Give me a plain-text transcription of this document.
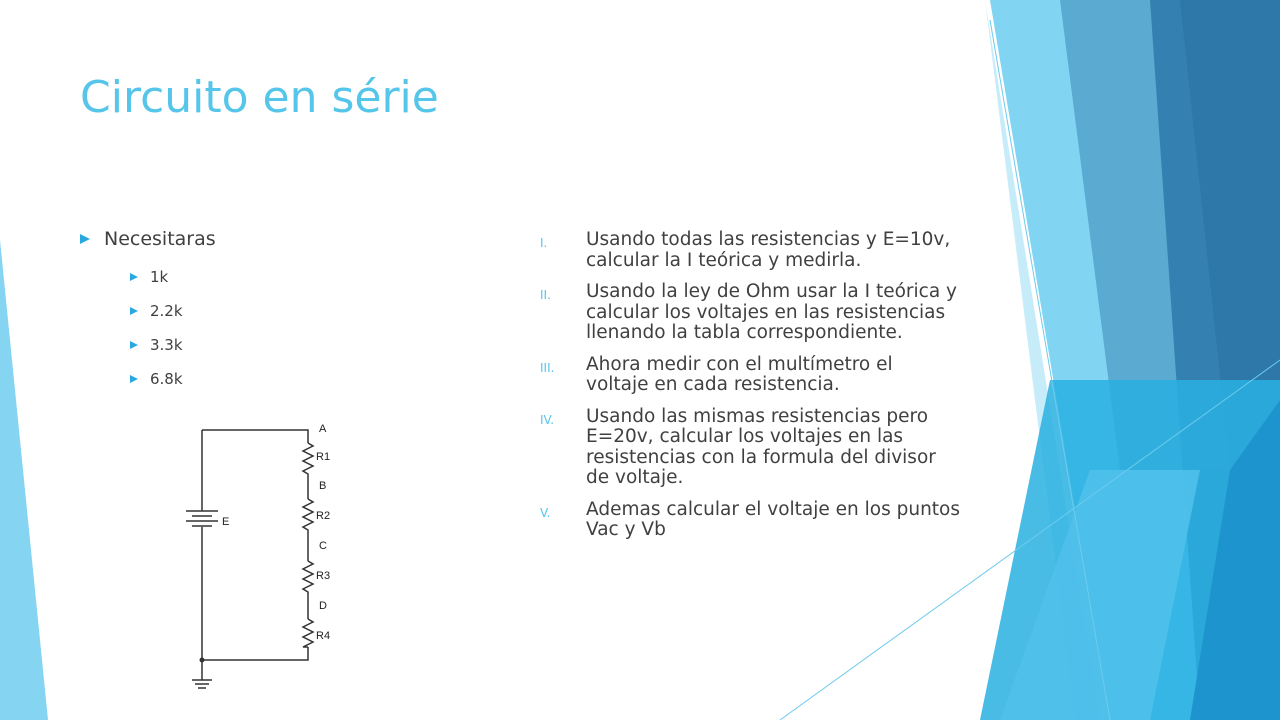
Circuito en série
Necesitaras
1k
2.2k
3.3k
6.8k
I.	Usando todas las resistencias y E=10v, calcular la I teórica y medirla.
II.	Usando la ley de Ohm usar la I teórica y calcular los voltajes en las resistencias llenando la tabla correspondiente.
III.	Ahora medir con el multímetro el voltaje en cada resistencia.
IV.	Usando las mismas resistencias pero E=20v, calcular los voltajes en las resistencias con la formula del divisor de voltaje.
V.	Ademas calcular el voltaje en los puntos Vac y Vb
E
A
R1
B
R2
C
R3
D
R4
